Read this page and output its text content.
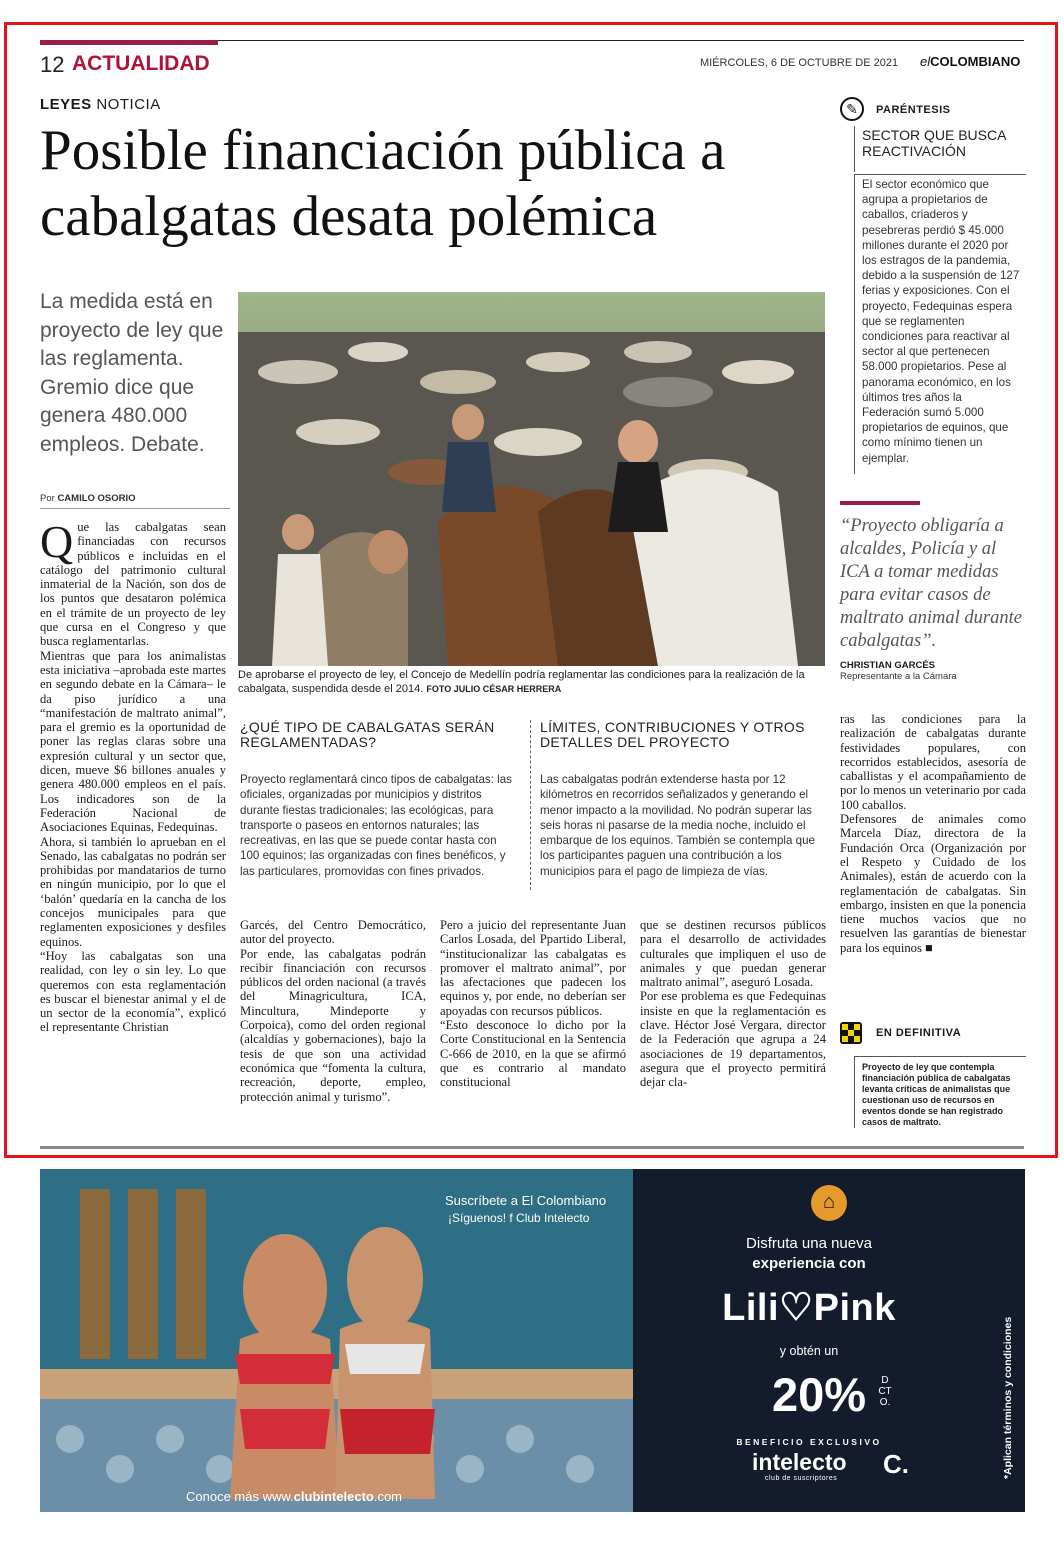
12 ACTUALIDAD	MIÉRCOLES, 6 DE OCTUBRE DE 2021 elCOLOMBIANO
LEYES NOTICIA
Posible financiación pública a cabalgatas desata polémica
La medida está en proyecto de ley que las reglamenta. Gremio dice que genera 480.000 empleos. Debate.
Por CAMILO OSORIO
De aprobarse el proyecto de ley, el Concejo de Medellín podría reglamentar las condiciones para la realización de la cabalgata, suspendida desde el 2014. FOTO JULIO CÉSAR HERRERA
Que las cabalgatas sean financiadas con recursos públicos e incluidas en el catálogo del patrimonio cultural inmaterial de la Nación, son dos de los puntos que desataron polémica en el trámite de un proyecto de ley que cursa en el Congreso y que busca reglamentarlas.
Mientras que para los animalistas esta iniciativa –aprobada este martes en segundo debate en la Cámara– le da piso jurídico a una “manifestación de maltrato animal”, para el gremio es la oportunidad de poner las reglas claras sobre una expresión cultural y un sector que, dicen, mueve $6 billones anuales y genera 480.000 empleos en el país. Los indicadores son de la Federación Nacional de Asociaciones Equinas, Fedequinas.
Ahora, si también lo aprueban en el Senado, las cabalgatas no podrán ser prohibidas por mandatarios de turno en ningún municipio, por lo que el ‘balón’ quedaría en la cancha de los concejos municipales para que reglamenten exposiciones y desfiles equinos.
“Hoy las cabalgatas son una realidad, con ley o sin ley. Lo que queremos con esta reglamentación es buscar el bienestar animal y el de un sector de la economía”, explicó el representante Christian
¿QUÉ TIPO DE CABALGATAS SERÁN REGLAMENTADAS?
Proyecto reglamentará cinco tipos de cabalgatas: las oficiales, organizadas por municipios y distritos durante fiestas tradicionales; las ecológicas, para transporte o paseos en entornos naturales; las recreativas, en las que se puede contar hasta con 100 equinos; las organizadas con fines benéficos, y las particulares, promovidas con fines privados.
LÍMITES, CONTRIBUCIONES Y OTROS DETALLES DEL PROYECTO
Las cabalgatas podrán extenderse hasta por 12 kilómetros en recorridos señalizados y generando el menor impacto a la movilidad. No podrán superar las seis horas ni pasarse de la media noche, incluido el embarque de los equinos. También se contempla que los participantes paguen una contribución a los municipios para el pago de limpieza de vías.
Garcés, del Centro Democrático, autor del proyecto.
Por ende, las cabalgatas podrán recibir financiación con recursos públicos del orden nacional (a través del Minagricultura, ICA, Mincultura, Mindeporte y Corpoica), como del orden regional (alcaldías y gobernaciones), bajo la tesis de que son una actividad económica que “fomenta la cultura, recreación, deporte, empleo, protección animal y turismo”.
Pero a juicio del representante Juan Carlos Losada, del Ppartido Liberal, “institucionalizar las cabalgatas es promover el maltrato animal”, por las afectaciones que padecen los equinos y, por ende, no deberían ser apoyadas con recursos públicos.
“Esto desconoce lo dicho por la Corte Constitucional en la Sentencia C-666 de 2010, en la que se afirmó que es contrario al mandato constitucional
que se destinen recursos públicos para el desarrollo de actividades culturales que impliquen el uso de animales y que puedan generar maltrato animal”, aseguró Losada.
Por ese problema es que Fedequinas insiste en que la reglamentación es clave. Héctor José Vergara, director de la Federación que agrupa a 24 asociaciones de 19 departamentos, asegura que el proyecto permitirá dejar cla-
ras las condiciones para la realización de cabalgatas durante festividades populares, con recorridos establecidos, asesoría de caballistas y el acompañamiento de por lo menos un veterinario por cada 100 caballos.
Defensores de animales como Marcela Díaz, directora de la Fundación Orca (Organización por el Respeto y Cuidado de los Animales), están de acuerdo con la reglamentación de cabalgatas. Sin embargo, insisten en que la ponencia tiene muchos vacíos que no resuelven las garantías de bienestar para los equinos ■
✎	PARÉNTESIS
SECTOR QUE BUSCA REACTIVACIÓN
El sector económico que agrupa a propietarios de caballos, criaderos y pesebreras perdió $ 45.000 millones durante el 2020 por los estragos de la pandemia, debido a la suspensión de 127 ferias y exposiciones. Con el proyecto, Fedequinas espera que se reglamenten condiciones para reactivar al sector al que pertenecen 58.000 propietarios. Pese al panorama económico, en los últimos tres años la Federación sumó 5.000 propietarios de equinos, que como mínimo tienen un ejemplar.
“Proyecto obligaría a alcaldes, Policía y al ICA a tomar medidas para evitar casos de maltrato animal durante cabalgatas”.
CHRISTIAN GARCÉS
Representante a la Cámara
EN DEFINITIVA
Proyecto de ley que contempla financiación pública de cabalgatas levanta críticas de animalistas que cuestionan uso de recursos en eventos donde se han registrado casos de maltrato.
Suscríbete a El Colombiano
¡Síguenos! f Club Intelecto
Conoce más www.clubintelecto.com
⌂
Disfruta una nueva
experiencia con
Lili♡Pink
y obtén un
20%	DCTO.
BENEFICIO EXCLUSIVO
intelecto
club de suscriptores C.	*Aplican términos y condiciones
